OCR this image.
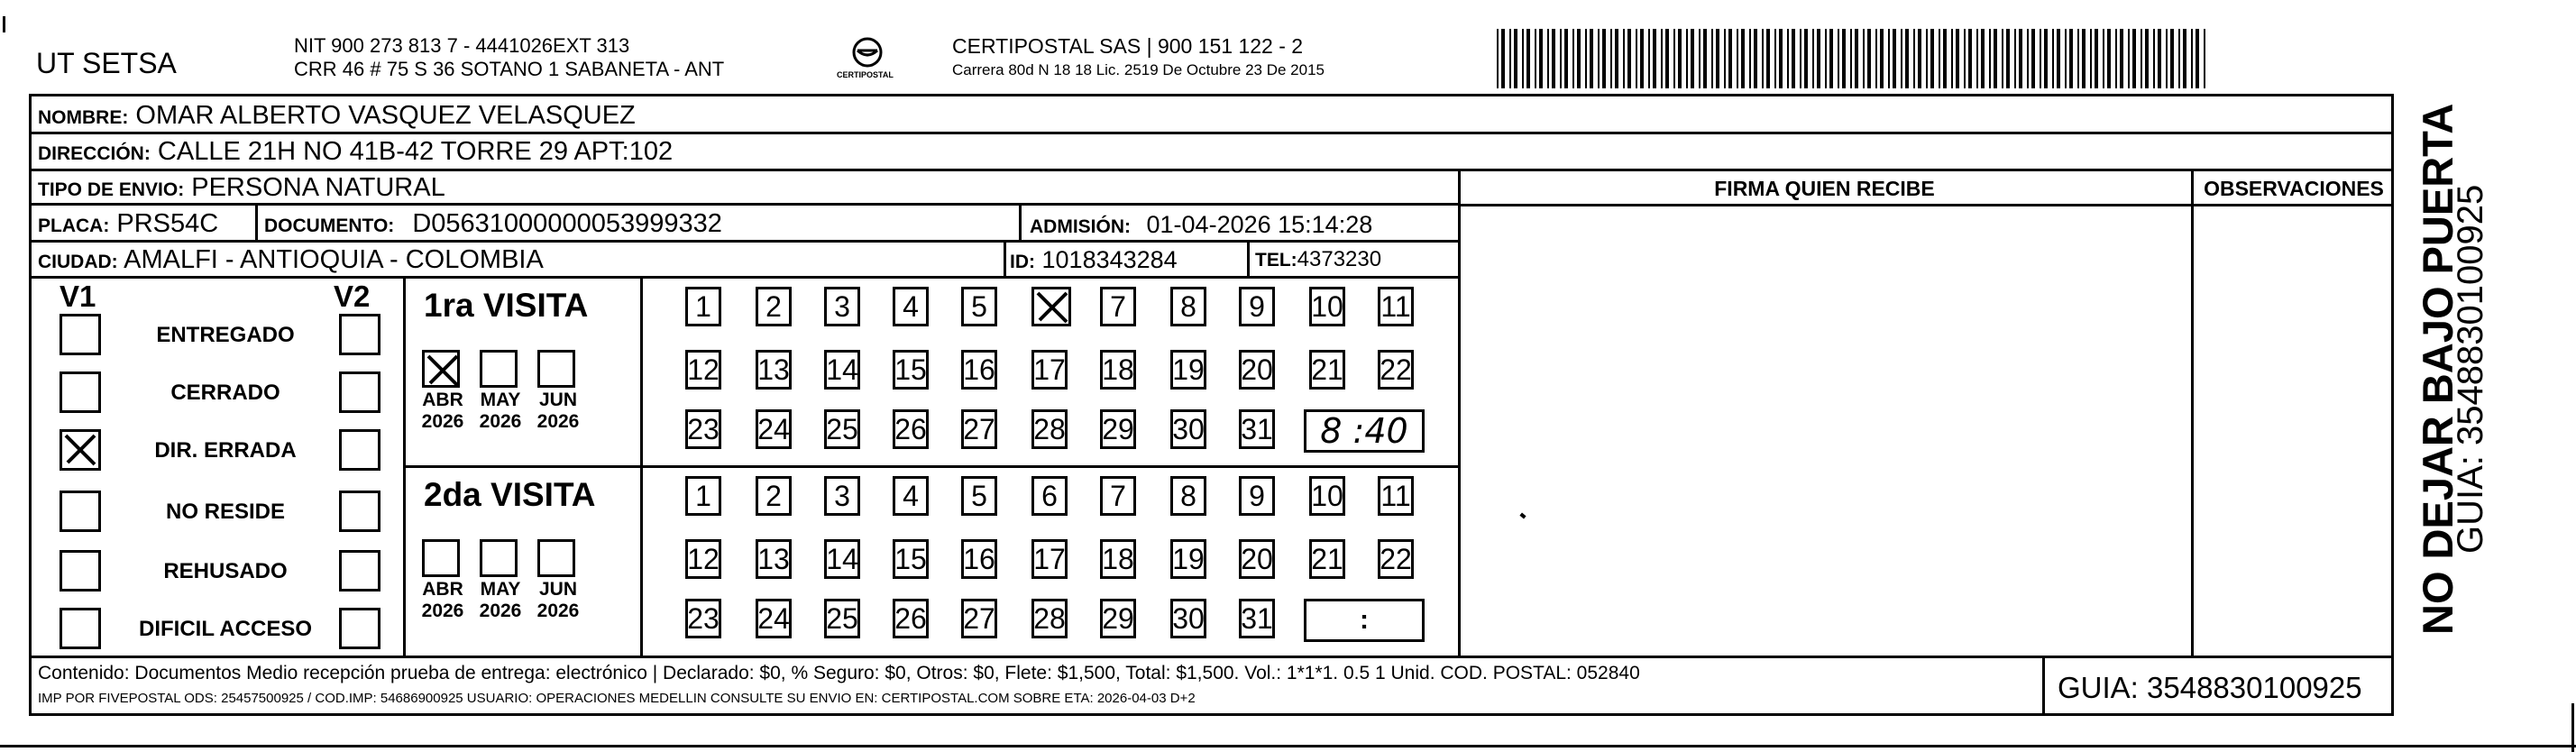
UT SETSA
NIT 900 273 813 7 - 4441026EXT 313
CRR 46 # 75 S 36 SOTANO 1 SABANETA - ANT	CERTIPOSTAL
CERTIPOSTAL SAS | 900 151 122 - 2
Carrera 80d N 18 18 Lic. 2519 De Octubre 23 De 2015
NOMBRE: OMAR ALBERTO VASQUEZ VELASQUEZ
DIRECCIÓN: CALLE 21H NO 41B-42 TORRE 29 APT:102
TIPO DE ENVIO: PERSONA NATURAL
PLACA: PRS54C DOCUMENTO: D05631000000053999332	ADMISIÓN: 01-04-2026 15:14:28
CIUDAD: AMALFI - ANTIOQUIA - COLOMBIA	ID: 1018343284	TEL:4373230
FIRMA QUIEN RECIBE	OBSERVACIONES
V1	V2
ENTREGADO
CERRADO
DIR. ERRADA
NO RESIDE
REHUSADO
DIFICIL ACCESO
1ra VISITA
ABR
2026
MAY
2026
JUN
2026
1 2 3 4 5	7 8 9 10 11
12 13 14 15 16 17 18 19 20 21 22
23 24 25 26 27 28 29 30 31 8 :40
2da VISITA
ABR
2026
MAY
2026
JUN
2026
1 2 3 4 5 6 7 8 9 10 11
12 13 14 15 16 17 18 19 20 21 22
23 24 25 26 27 28 29 30 31	:
Contenido: Documentos Medio recepción prueba de entrega: electrónico | Declarado: $0, % Seguro: $0, Otros: $0, Flete: $1,500, Total: $1,500. Vol.: 1*1*1. 0.5 1 Unid. COD. POSTAL: 052840
IMP POR FIVEPOSTAL ODS: 25457500925 / COD.IMP: 54686900925 USUARIO: OPERACIONES MEDELLIN CONSULTE SU ENVIO EN: CERTIPOSTAL.COM SOBRE ETA: 2026-04-03 D+2	GUIA: 3548830100925
NO DEJAR BAJO PUERTA
GUIA: 3548830100925
